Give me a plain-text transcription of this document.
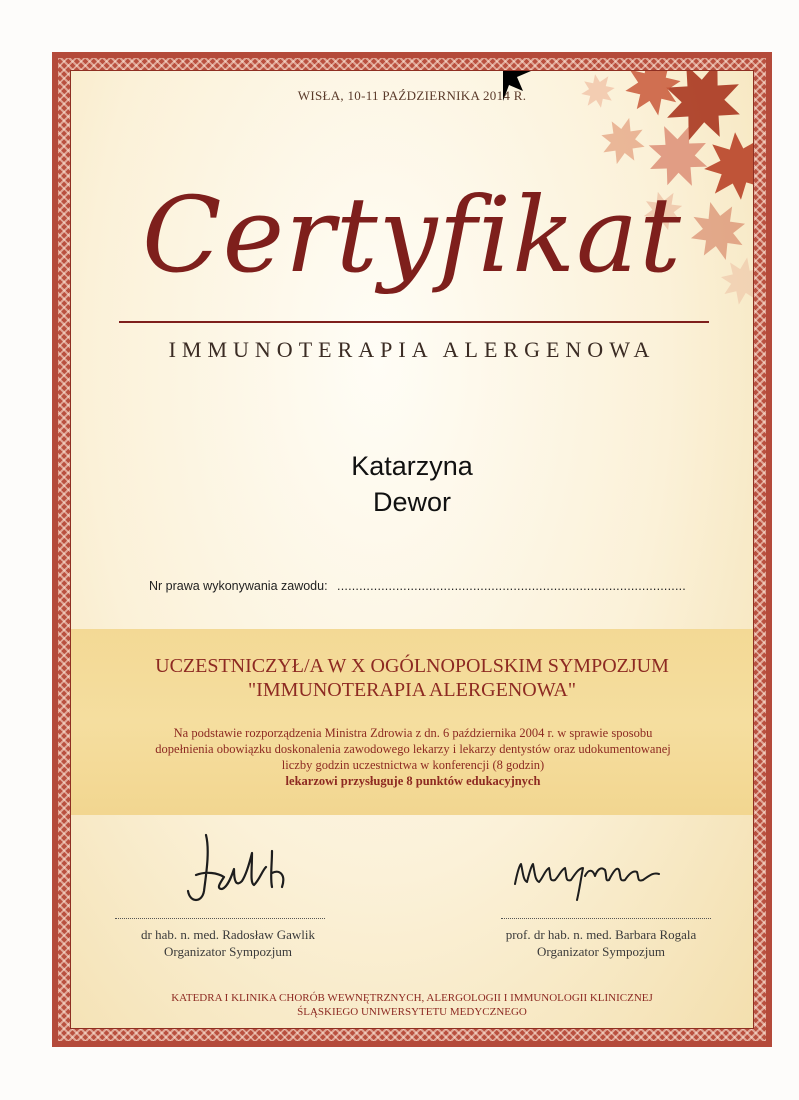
WISŁA, 10-11 PAŹDZIERNIKA 2014 R.
Certyfikat
IMMUNOTERAPIA ALERGENOWA
Katarzyna
Dewor
Nr prawa wykonywania zawodu: ...............................................................................................
UCZESTNICZYŁ/A W X OGÓLNOPOLSKIM SYMPOZJUM
"IMMUNOTERAPIA ALERGENOWA"
Na podstawie rozporządzenia Ministra Zdrowia z dn. 6 października 2004 r. w sprawie sposobu
dopełnienia obowiązku doskonalenia zawodowego lekarzy i lekarzy dentystów oraz udokumentowanej
liczby godzin uczestnictwa w konferencji (8 godzin)
lekarzowi przysługuje 8 punktów edukacyjnych
dr hab. n. med. Radosław Gawlik
Organizator Sympozjum
prof. dr hab. n. med. Barbara Rogala
Organizator Sympozjum
KATEDRA I KLINIKA CHORÓB WEWNĘTRZNYCH, ALERGOLOGII I IMMUNOLOGII KLINICZNEJ
ŚLĄSKIEGO UNIWERSYTETU MEDYCZNEGO
